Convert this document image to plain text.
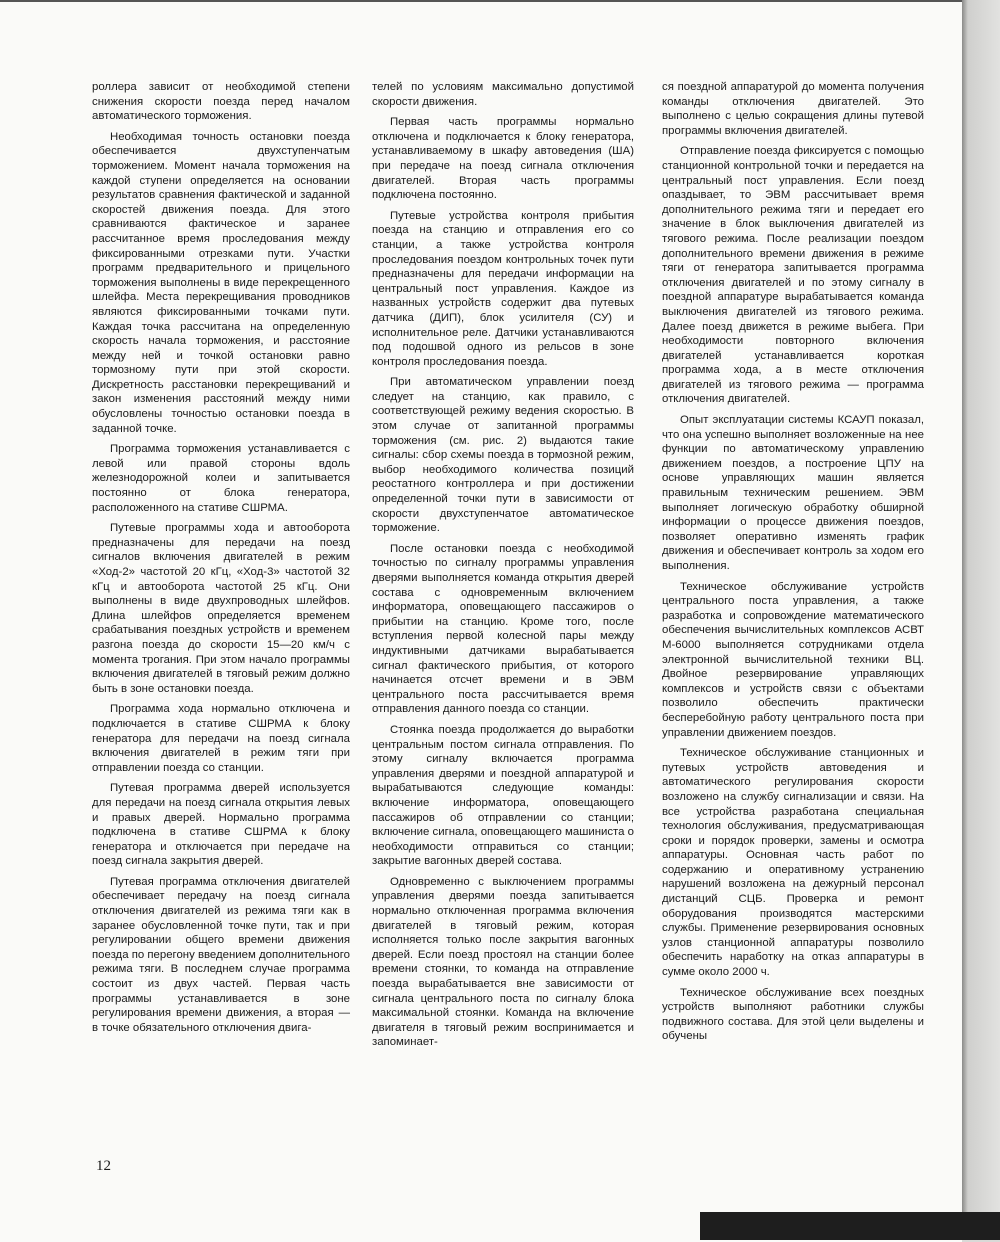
роллера зависит от необходимой степени снижения скорости поезда перед началом автоматического торможения.

Необходимая точность остановки поезда обеспечивается двухступенчатым торможением. Момент начала торможения на каждой ступени определяется на основании результатов сравнения фактической и заданной скоростей движения поезда. Для этого сравниваются фактическое и заранее рассчитанное время проследования между фиксированными отрезками пути. Участки программ предварительного и прицельного торможения выполнены в виде перекрещенного шлейфа. Места перекрещивания проводников являются фиксированными точками пути. Каждая точка рассчитана на определенную скорость начала торможения, и расстояние между ней и точкой остановки равно тормозному пути при этой скорости. Дискретность расстановки перекрещиваний и закон изменения расстояний между ними обусловлены точностью остановки поезда в заданной точке.

Программа торможения устанавливается с левой или правой стороны вдоль железнодорожной колеи и запитывается постоянно от блока генератора, расположенного на стативе СШРМА.

Путевые программы хода и автооборота предназначены для передачи на поезд сигналов включения двигателей в режим «Ход-2» частотой 20 кГц, «Ход-3» частотой 32 кГц и автооборота частотой 25 кГц. Они выполнены в виде двухпроводных шлейфов. Длина шлейфов определяется временем срабатывания поездных устройств и временем разгона поезда до скорости 15—20 км/ч с момента трогания. При этом начало программы включения двигателей в тяговый режим должно быть в зоне остановки поезда.

Программа хода нормально отключена и подключается в стативе СШРМА к блоку генератора для передачи на поезд сигнала включения двигателей в режим тяги при отправлении поезда со станции.

Путевая программа дверей используется для передачи на поезд сигнала открытия левых и правых дверей. Нормально программа подключена в стативе СШРМА к блоку генератора и отключается при передаче на поезд сигнала закрытия дверей.

Путевая программа отключения двигателей обеспечивает передачу на поезд сигнала отключения двигателей из режима тяги как в заранее обусловленной точке пути, так и при регулировании общего времени движения поезда по перегону введением дополнительного режима тяги. В последнем случае программа состоит из двух частей. Первая часть программы устанавливается в зоне регулирования времени движения, а вторая — в точке обязательного отключения двига-

телей по условиям максимально допустимой скорости движения.

Первая часть программы нормально отключена и подключается к блоку генератора, устанавливаемому в шкафу автоведения (ША) при передаче на поезд сигнала отключения двигателей. Вторая часть программы подключена постоянно.

Путевые устройства контроля прибытия поезда на станцию и отправления его со станции, а также устройства контроля проследования поездом контрольных точек пути предназначены для передачи информации на центральный пост управления. Каждое из названных устройств содержит два путевых датчика (ДИП), блок усилителя (СУ) и исполнительное реле. Датчики устанавливаются под подошвой одного из рельсов в зоне контроля проследования поезда.

При автоматическом управлении поезд следует на станцию, как правило, с соответствующей режиму ведения скоростью. В этом случае от запитанной программы торможения (см. рис. 2) выдаются такие сигналы: сбор схемы поезда в тормозной режим, выбор необходимого количества позиций реостатного контроллера и при достижении определенной точки пути в зависимости от скорости двухступенчатое автоматическое торможение.

После остановки поезда с необходимой точностью по сигналу программы управления дверями выполняется команда открытия дверей состава с одновременным включением информатора, оповещающего пассажиров о прибытии на станцию. Кроме того, после вступления первой колесной пары между индуктивными датчиками вырабатывается сигнал фактического прибытия, от которого начинается отсчет времени и в ЭВМ центрального поста рассчитывается время отправления данного поезда со станции.

Стоянка поезда продолжается до выработки центральным постом сигнала отправления. По этому сигналу включается программа управления дверями и поездной аппаратурой и вырабатываются следующие команды: включение информатора, оповещающего пассажиров об отправлении со станции; включение сигнала, оповещающего машиниста о необходимости отправиться со станции; закрытие вагонных дверей состава.

Одновременно с выключением программы управления дверями поезда запитывается нормально отключенная программа включения двигателей в тяговый режим, которая исполняется только после закрытия вагонных дверей. Если поезд простоял на станции более времени стоянки, то команда на отправление поезда вырабатывается вне зависимости от сигнала центрального поста по сигналу блока максимальной стоянки. Команда на включение двигателя в тяговый режим воспринимается и запоминает-

ся поездной аппаратурой до момента получения команды отключения двигателей. Это выполнено с целью сокращения длины путевой программы включения двигателей.

Отправление поезда фиксируется с помощью станционной контрольной точки и передается на центральный пост управления. Если поезд опаздывает, то ЭВМ рассчитывает время дополнительного режима тяги и передает его значение в блок выключения двигателей из тягового режима. После реализации поездом дополнительного времени движения в режиме тяги от генератора запитывается программа отключения двигателей и по этому сигналу в поездной аппаратуре вырабатывается команда выключения двигателей из тягового режима. Далее поезд движется в режиме выбега. При необходимости повторного включения двигателей устанавливается короткая программа хода, а в месте отключения двигателей из тягового режима — программа отключения двигателей.

Опыт эксплуатации системы КСАУП показал, что она успешно выполняет возложенные на нее функции по автоматическому управлению движением поездов, а построение ЦПУ на основе управляющих машин является правильным техническим решением. ЭВМ выполняет логическую обработку обширной информации о процессе движения поездов, позволяет оперативно изменять график движения и обеспечивает контроль за ходом его выполнения.

Техническое обслуживание устройств центрального поста управления, а также разработка и сопровождение математического обеспечения вычислительных комплексов АСВТ М-6000 выполняется сотрудниками отдела электронной вычислительной техники ВЦ. Двойное резервирование управляющих комплексов и устройств связи с объектами позволило обеспечить практически бесперебойную работу центрального поста при управлении движением поездов.

Техническое обслуживание станционных и путевых устройств автоведения и автоматического регулирования скорости возложено на службу сигнализации и связи. На все устройства разработана специальная технология обслуживания, предусматривающая сроки и порядок проверки, замены и осмотра аппаратуры. Основная часть работ по содержанию и оперативному устранению нарушений возложена на дежурный персонал дистанций СЦБ. Проверка и ремонт оборудования производятся мастерскими службы. Применение резервирования основных узлов станционной аппаратуры позволило обеспечить наработку на отказ аппаратуры в сумме около 2000 ч.

Техническое обслуживание всех поездных устройств выполняют работники службы подвижного состава. Для этой цели выделены и обучены

12
